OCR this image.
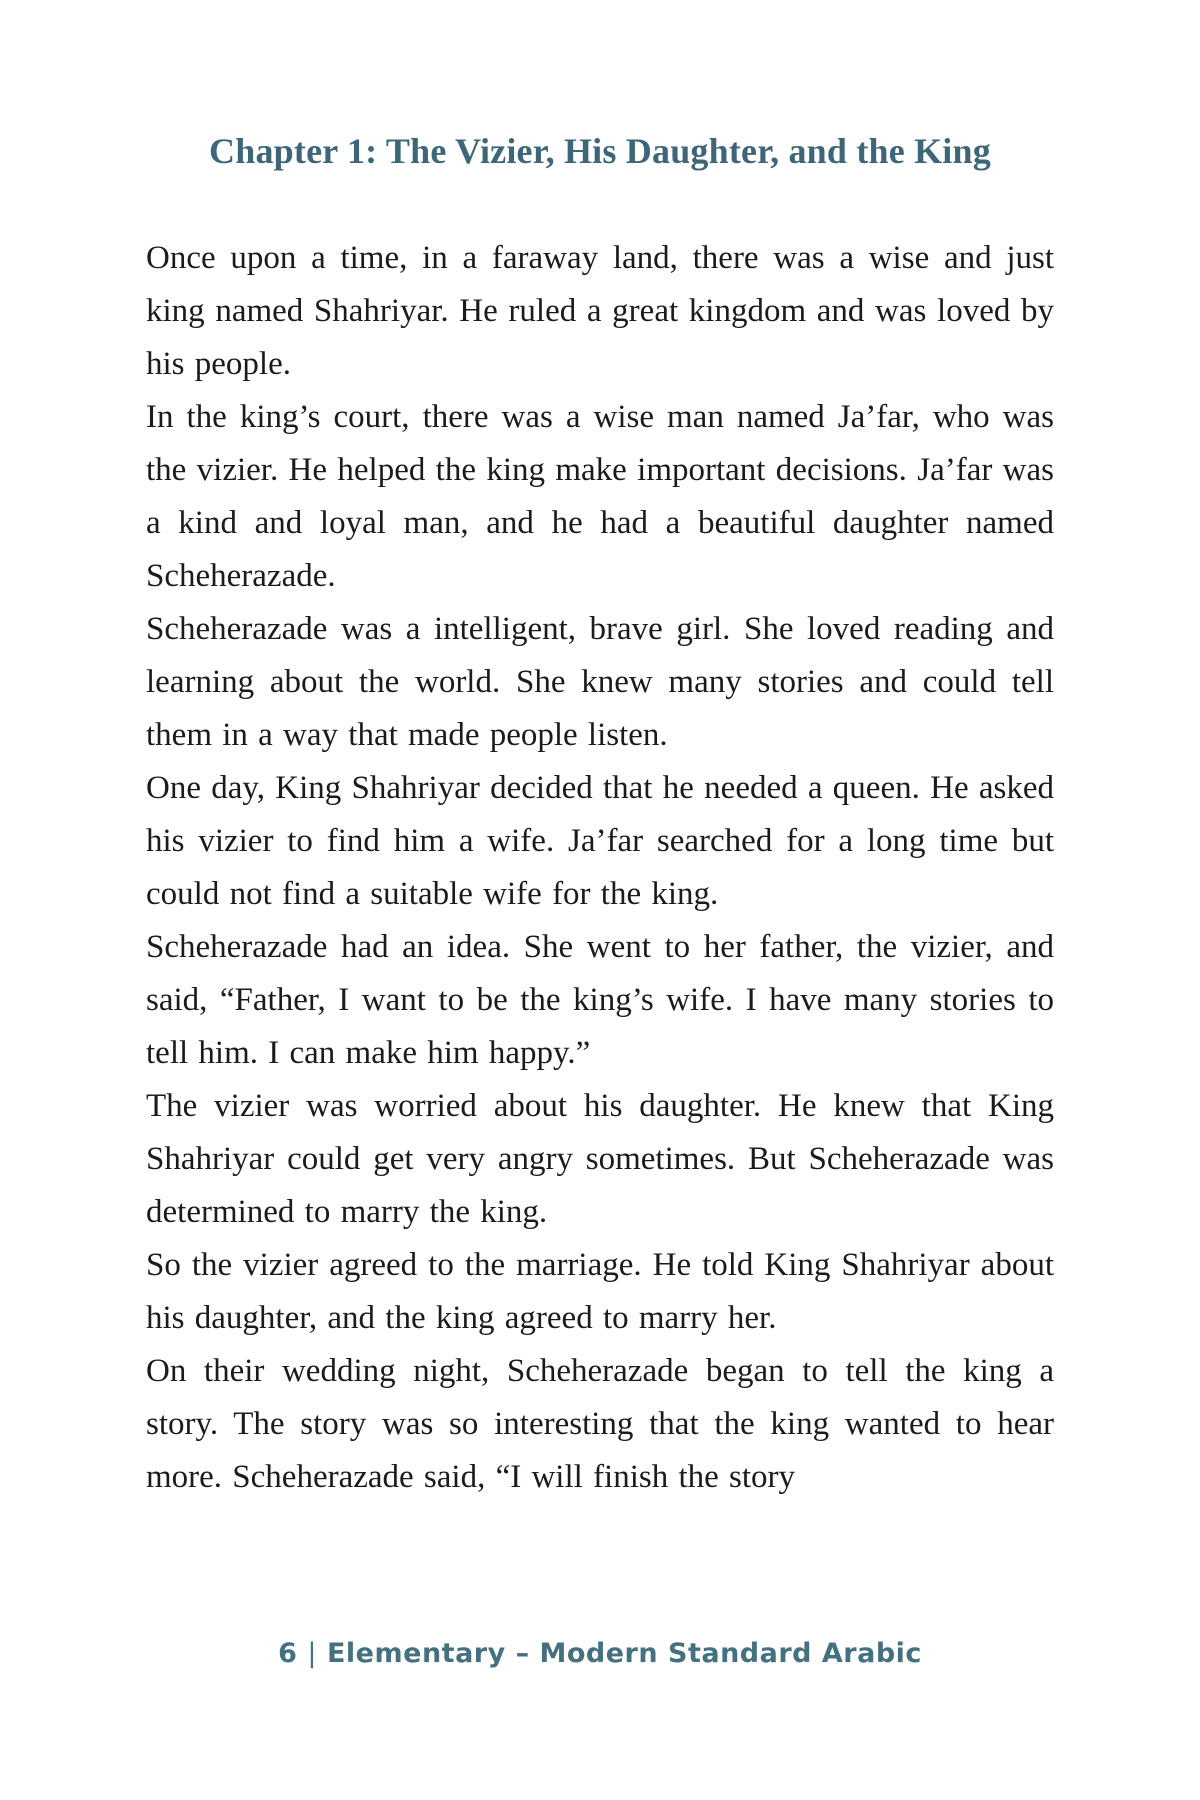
Chapter 1: The Vizier, His Daughter, and the King

Once upon a time, in a faraway land, there was a wise and just king named Shahriyar. He ruled a great kingdom and was loved by his people.

In the king’s court, there was a wise man named Ja’far, who was the vizier. He helped the king make important decisions. Ja’far was a kind and loyal man, and he had a beautiful daughter named Scheherazade.

Scheherazade was a intelligent, brave girl. She loved reading and learning about the world. She knew many stories and could tell them in a way that made people listen.

One day, King Shahriyar decided that he needed a queen. He asked his vizier to find him a wife. Ja’far searched for a long time but could not find a suitable wife for the king.

Scheherazade had an idea. She went to her father, the vizier, and said, “Father, I want to be the king’s wife. I have many stories to tell him. I can make him happy.”

The vizier was worried about his daughter. He knew that King Shahriyar could get very angry sometimes. But Scheherazade was determined to marry the king.

So the vizier agreed to the marriage. He told King Shahriyar about his daughter, and the king agreed to marry her.

On their wedding night, Scheherazade began to tell the king a story. The story was so interesting that the king wanted to hear more. Scheherazade said, “I will finish the story

6 | Elementary – Modern Standard Arabic
